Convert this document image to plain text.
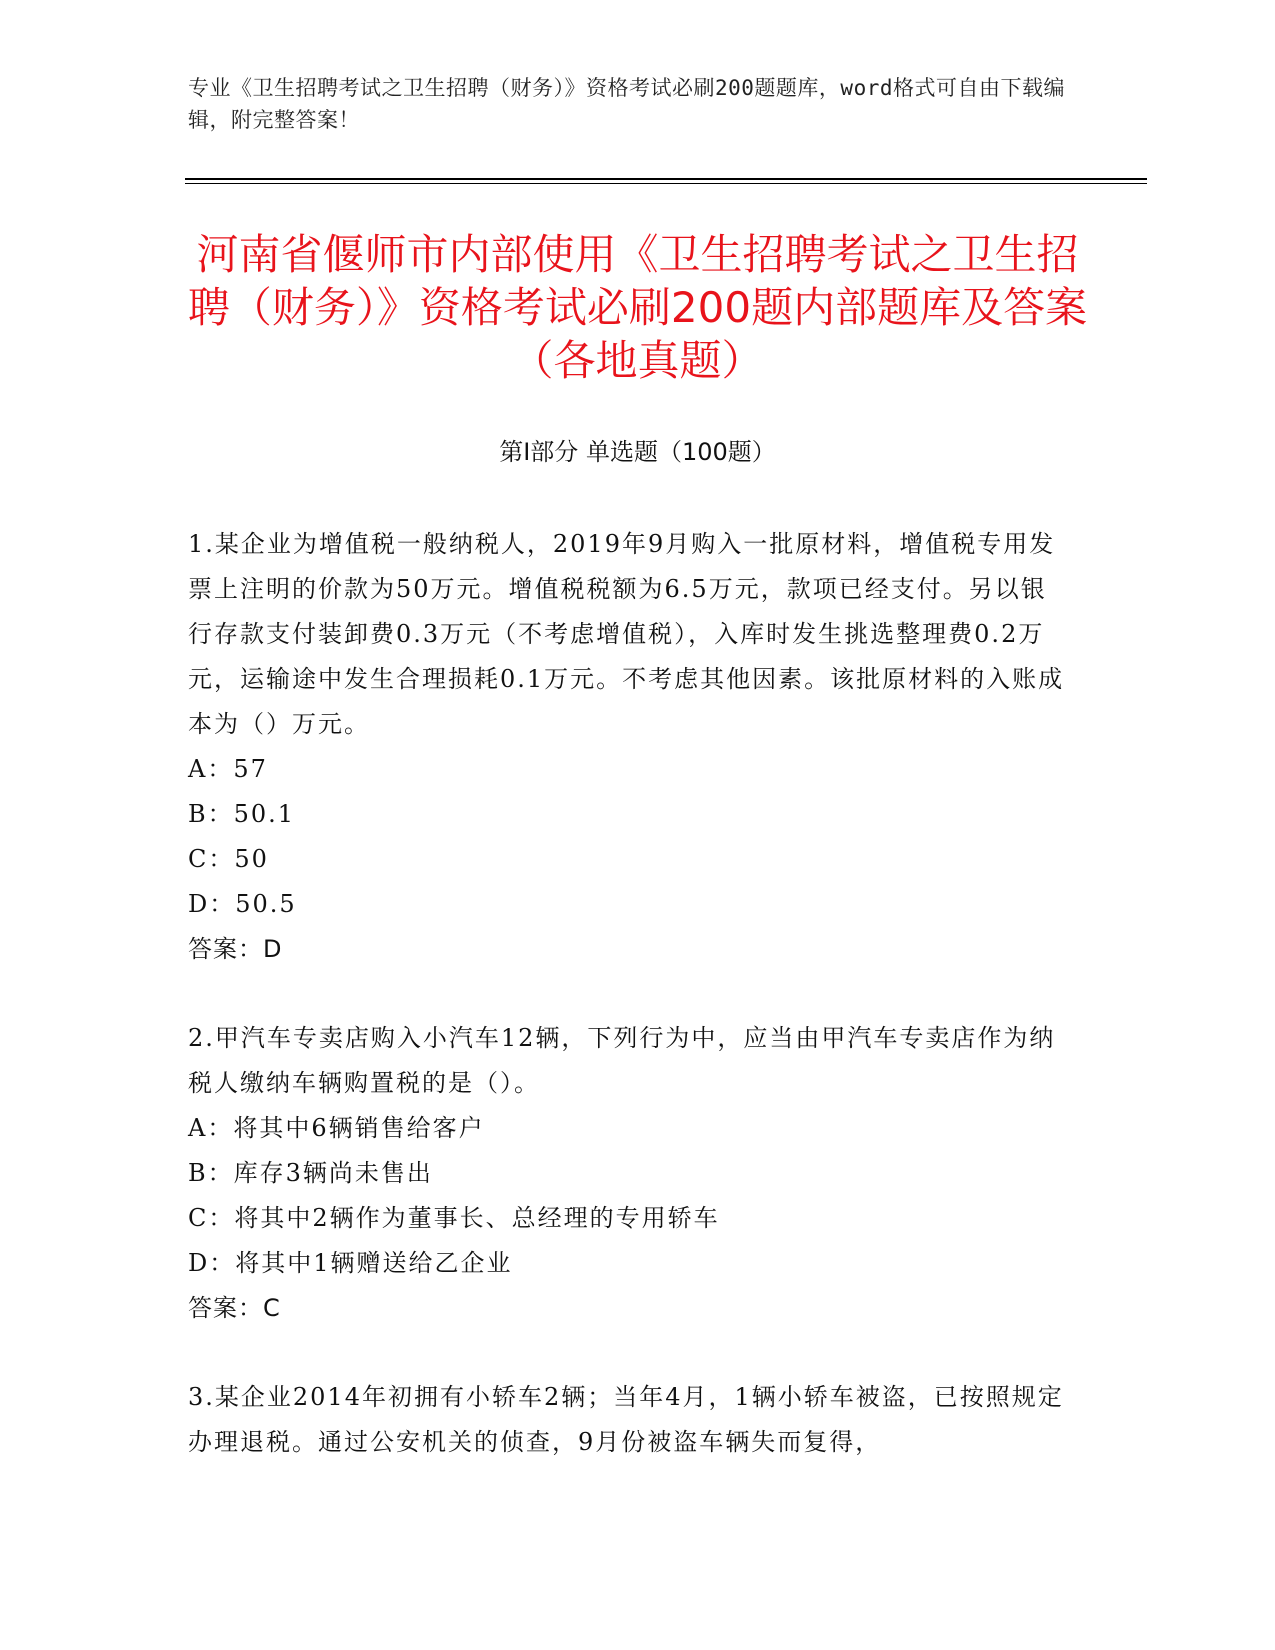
专业《卫生招聘考试之卫生招聘（财务）》资格考试必刷200题题库，word格式可自由下载编辑，附完整答案！
河南省偃师市内部使用《卫生招聘考试之卫生招聘（财务）》资格考试必刷200题内部题库及答案（各地真题）
第Ⅰ部分 单选题（100题）

1.某企业为增值税一般纳税人，2019年9月购入一批原材料，增值税专用发票上注明的价款为50万元。增值税税额为6.5万元，款项已经支付。另以银行存款支付装卸费0.3万元（不考虑增值税），入库时发生挑选整理费0.2万元，运输途中发生合理损耗0.1万元。不考虑其他因素。该批原材料的入账成本为（）万元。

A：57

B：50.1

C：50

D：50.5

答案：D

2.甲汽车专卖店购入小汽车12辆，下列行为中，应当由甲汽车专卖店作为纳税人缴纳车辆购置税的是（）。

A：将其中6辆销售给客户

B：库存3辆尚未售出

C：将其中2辆作为董事长、总经理的专用轿车

D：将其中1辆赠送给乙企业

答案：C

3.某企业2014年初拥有小轿车2辆；当年4月，1辆小轿车被盗，已按照规定办理退税。通过公安机关的侦查，9月份被盗车辆失而复得，
